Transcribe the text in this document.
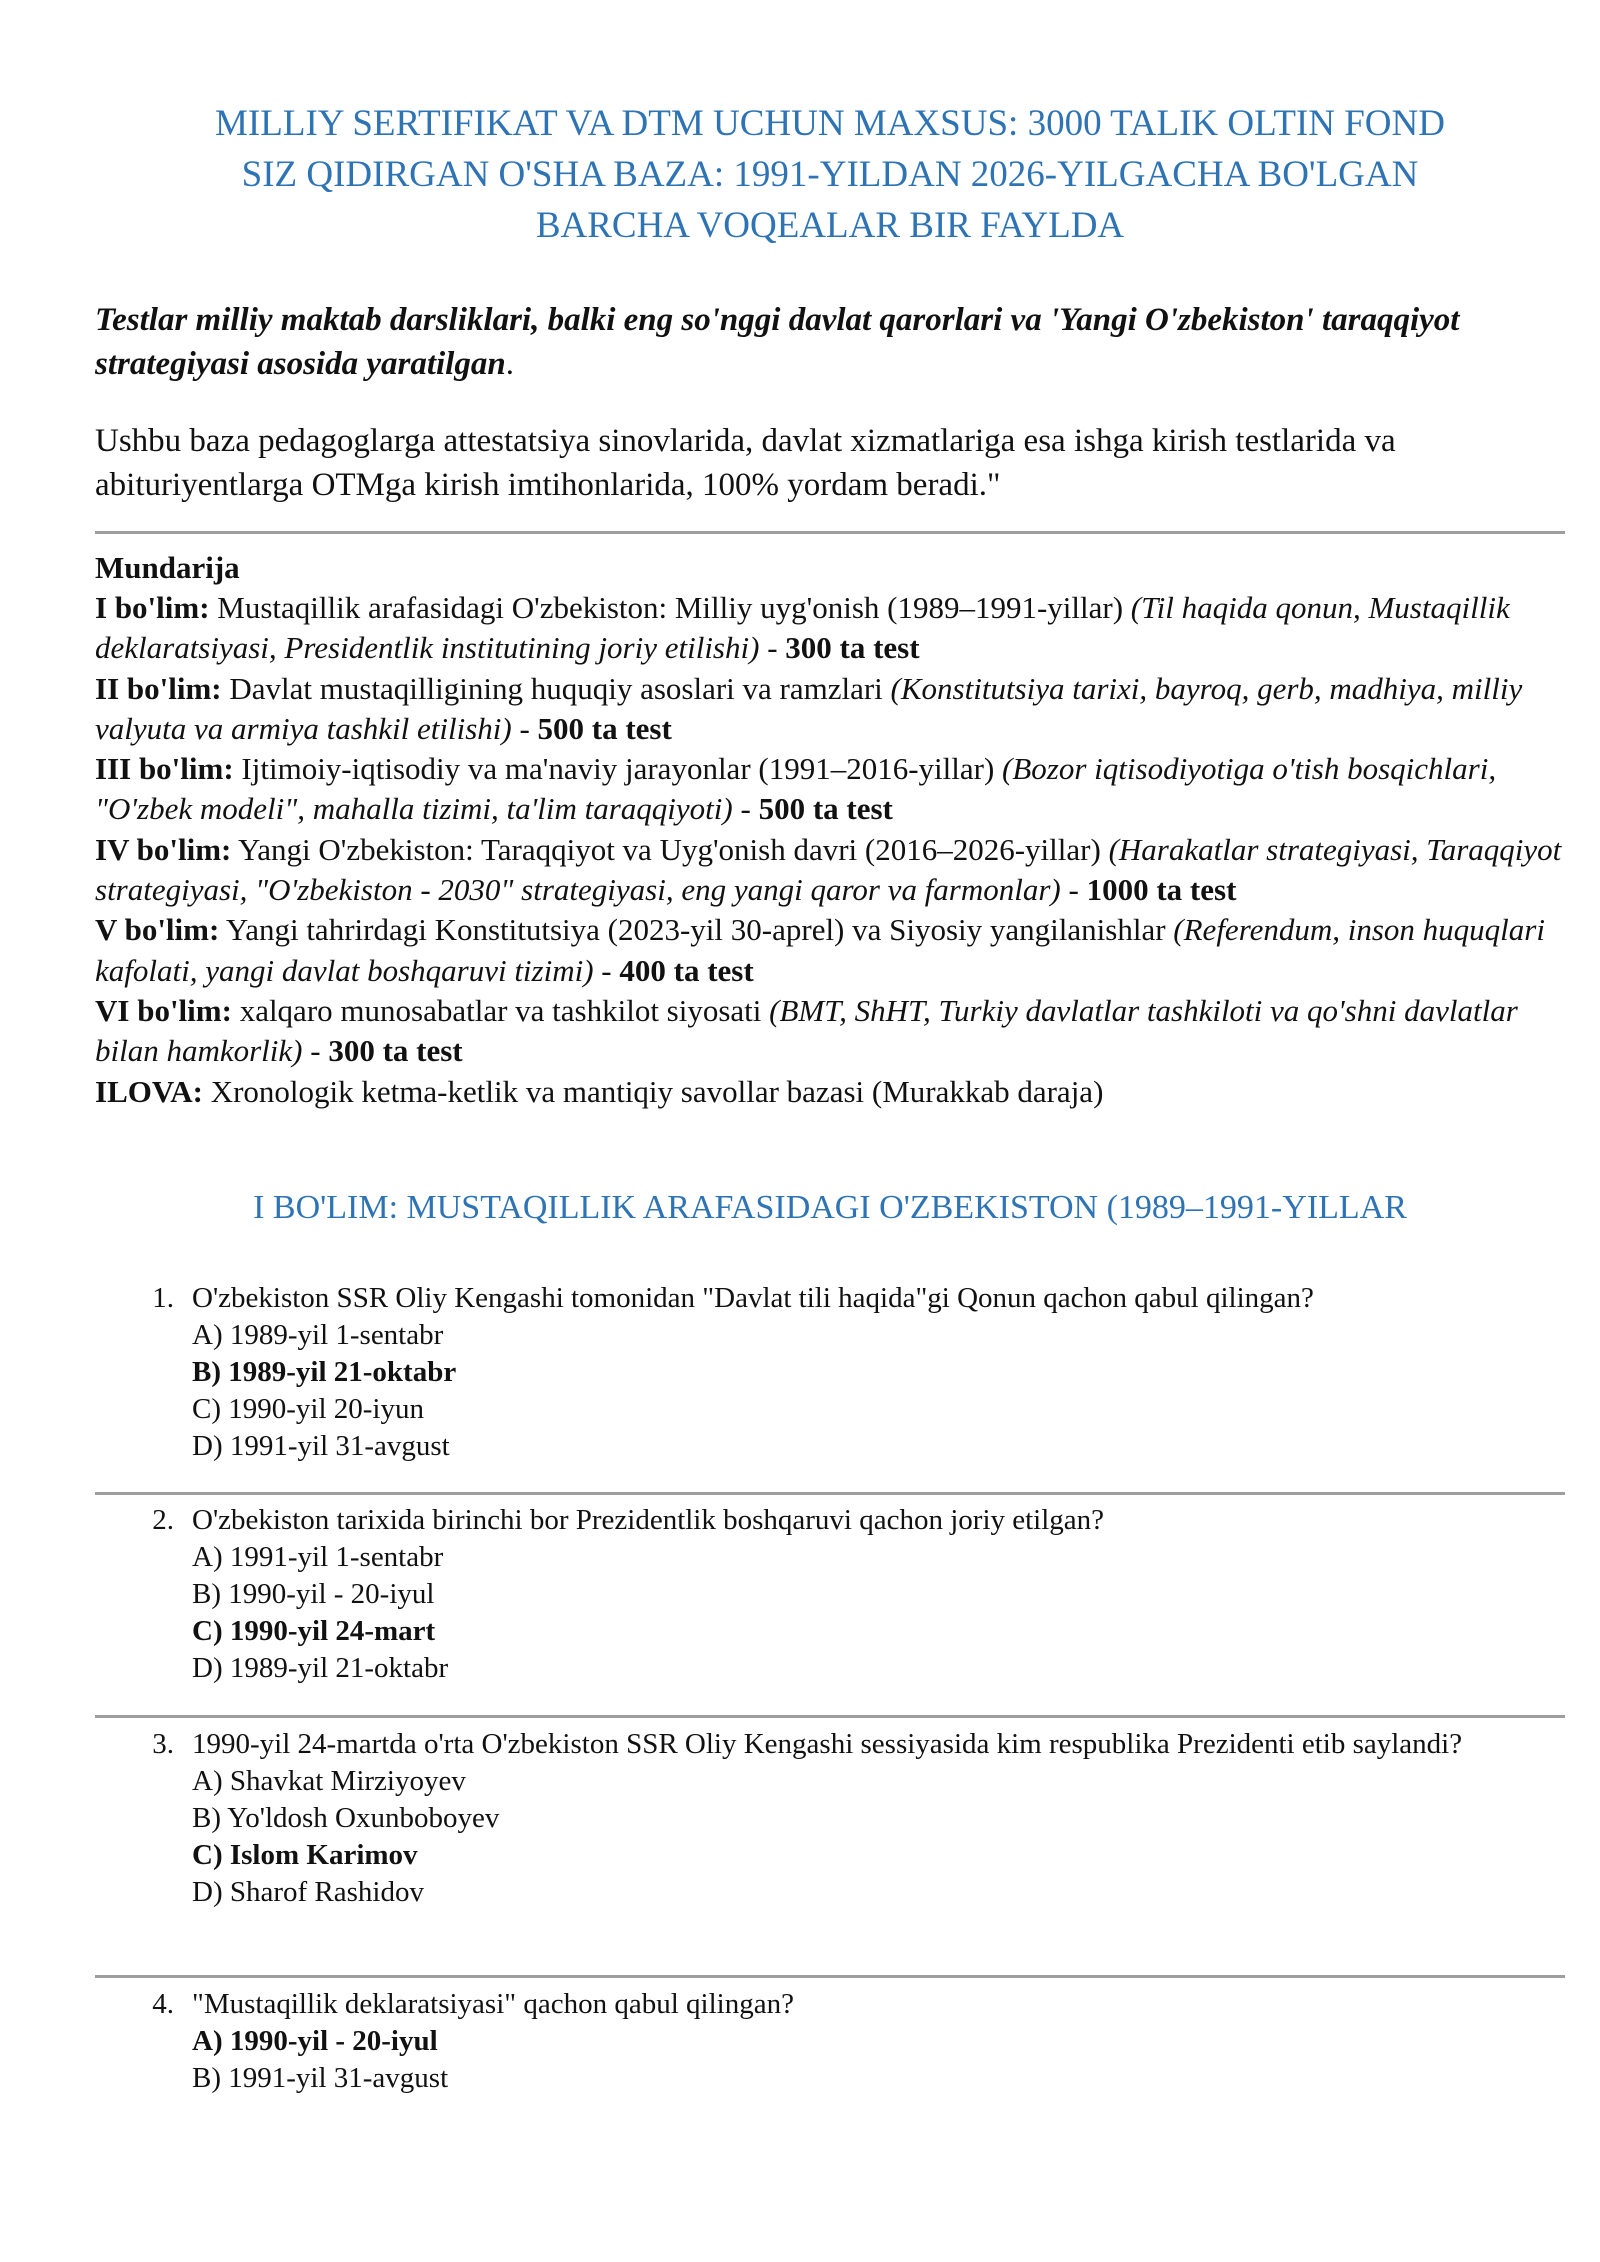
MILLIY SERTIFIKAT VA DTM UCHUN MAXSUS: 3000 TALIK OLTIN FOND
SIZ QIDIRGAN O'SHA BAZA: 1991-YILDAN 2026-YILGACHA BO'LGAN
BARCHA VOQEALAR BIR FAYLDA

Testlar milliy maktab darsliklari, balki eng so'nggi davlat qarorlari va 'Yangi O'zbekiston' taraqqiyot strategiyasi asosida yaratilgan.

Ushbu baza pedagoglarga attestatsiya sinovlarida, davlat xizmatlariga esa ishga kirish testlarida va abituriyentlarga OTMga kirish imtihonlarida, 100% yordam beradi."

Mundarija

I bo'lim: Mustaqillik arafasidagi O'zbekiston: Milliy uyg'onish (1989–1991-yillar) (Til haqida qonun, Mustaqillik deklaratsiyasi, Presidentlik institutining joriy etilishi) - 300 ta test

II bo'lim: Davlat mustaqilligining huquqiy asoslari va ramzlari (Konstitutsiya tarixi, bayroq, gerb, madhiya, milliy valyuta va armiya tashkil etilishi) - 500 ta test

III bo'lim: Ijtimoiy-iqtisodiy va ma'naviy jarayonlar (1991–2016-yillar) (Bozor iqtisodiyotiga o'tish bosqichlari, "O'zbek modeli", mahalla tizimi, ta'lim taraqqiyoti) - 500 ta test

IV bo'lim: Yangi O'zbekiston: Taraqqiyot va Uyg'onish davri (2016–2026-yillar) (Harakatlar strategiyasi, Taraqqiyot strategiyasi, "O'zbekiston - 2030" strategiyasi, eng yangi qaror va farmonlar) - 1000 ta test

V bo'lim: Yangi tahrirdagi Konstitutsiya (2023-yil 30-aprel) va Siyosiy yangilanishlar (Referendum, inson huquqlari kafolati, yangi davlat boshqaruvi tizimi) - 400 ta test

VI bo'lim: xalqaro munosabatlar va tashkilot siyosati (BMT, ShHT, Turkiy davlatlar tashkiloti va qo'shni davlatlar bilan hamkorlik) - 300 ta test

ILOVA: Xronologik ketma-ketlik va mantiqiy savollar bazasi (Murakkab daraja)

I BO'LIM: MUSTAQILLIK ARAFASIDAGI O'ZBEKISTON (1989–1991-YILLAR
1. O'zbekiston SSR Oliy Kengashi tomonidan "Davlat tili haqida"gi Qonun qachon qabul qilingan?

A) 1989-yil 1-sentabr

B) 1989-yil 21-oktabr

C) 1990-yil 20-iyun

D) 1991-yil 31-avgust

2. O'zbekiston tarixida birinchi bor Prezidentlik boshqaruvi qachon joriy etilgan?

A) 1991-yil 1-sentabr

B) 1990-yil - 20-iyul

C) 1990-yil 24-mart

D) 1989-yil 21-oktabr

3. 1990-yil 24-martda o'rta O'zbekiston SSR Oliy Kengashi sessiyasida kim respublika Prezidenti etib saylandi?

A) Shavkat Mirziyoyev

B) Yo'ldosh Oxunboboyev

C) Islom Karimov

D) Sharof Rashidov

4. "Mustaqillik deklaratsiyasi" qachon qabul qilingan?

A) 1990-yil - 20-iyul

B) 1991-yil 31-avgust
